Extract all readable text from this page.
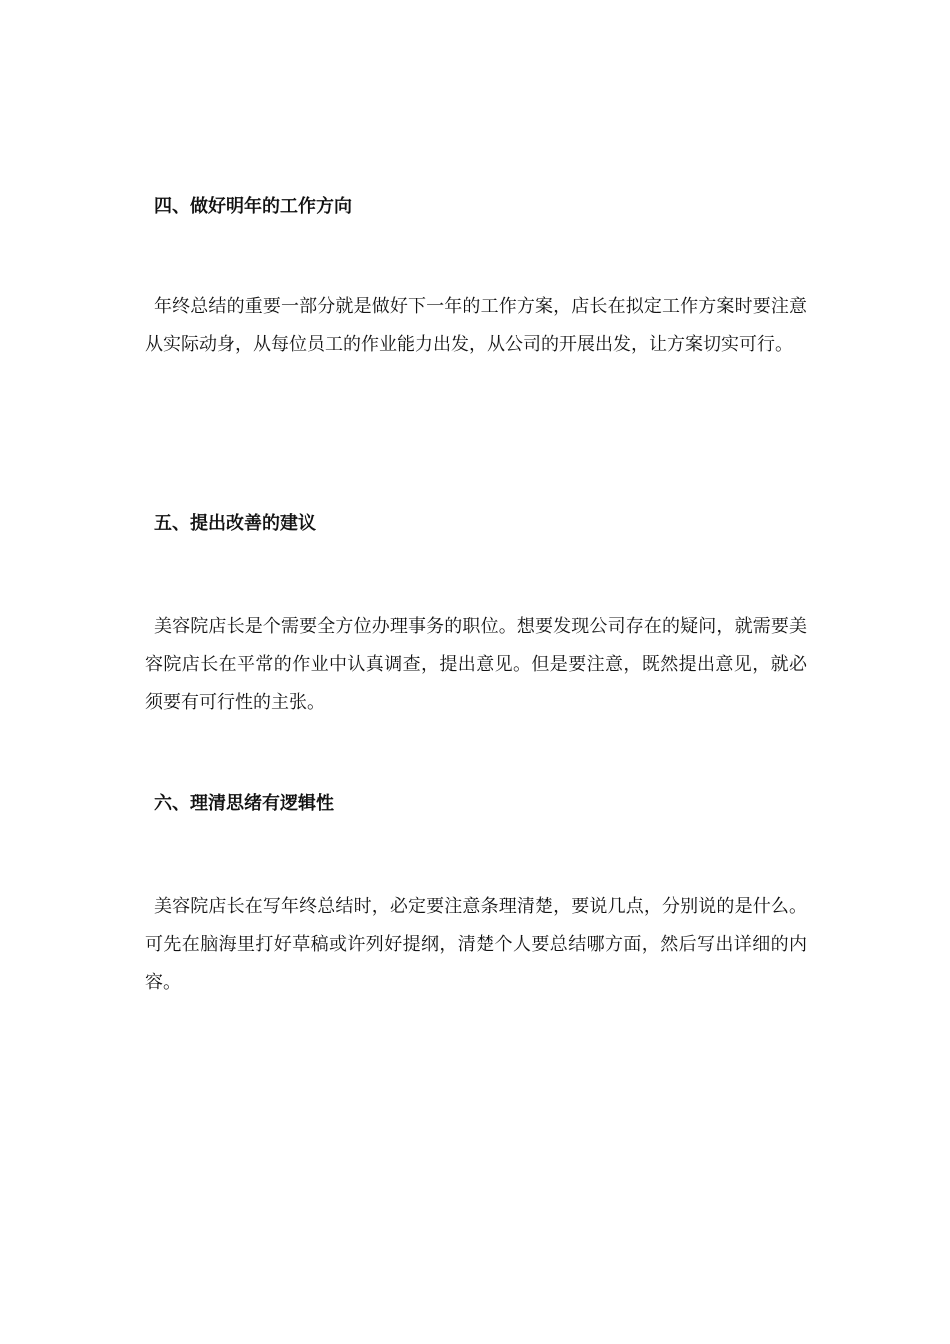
四、做好明年的工作方向

年终总结的重要一部分就是做好下一年的工作方案，店长在拟定工作方案时要注意从实际动身，从每位员工的作业能力出发，从公司的开展出发，让方案切实可行。

五、提出改善的建议

美容院店长是个需要全方位办理事务的职位。想要发现公司存在的疑问，就需要美容院店长在平常的作业中认真调查，提出意见。但是要注意，既然提出意见，就必须要有可行性的主张。

六、理清思绪有逻辑性

美容院店长在写年终总结时，必定要注意条理清楚，要说几点，分别说的是什么。可先在脑海里打好草稿或许列好提纲，清楚个人要总结哪方面，然后写出详细的内容。
